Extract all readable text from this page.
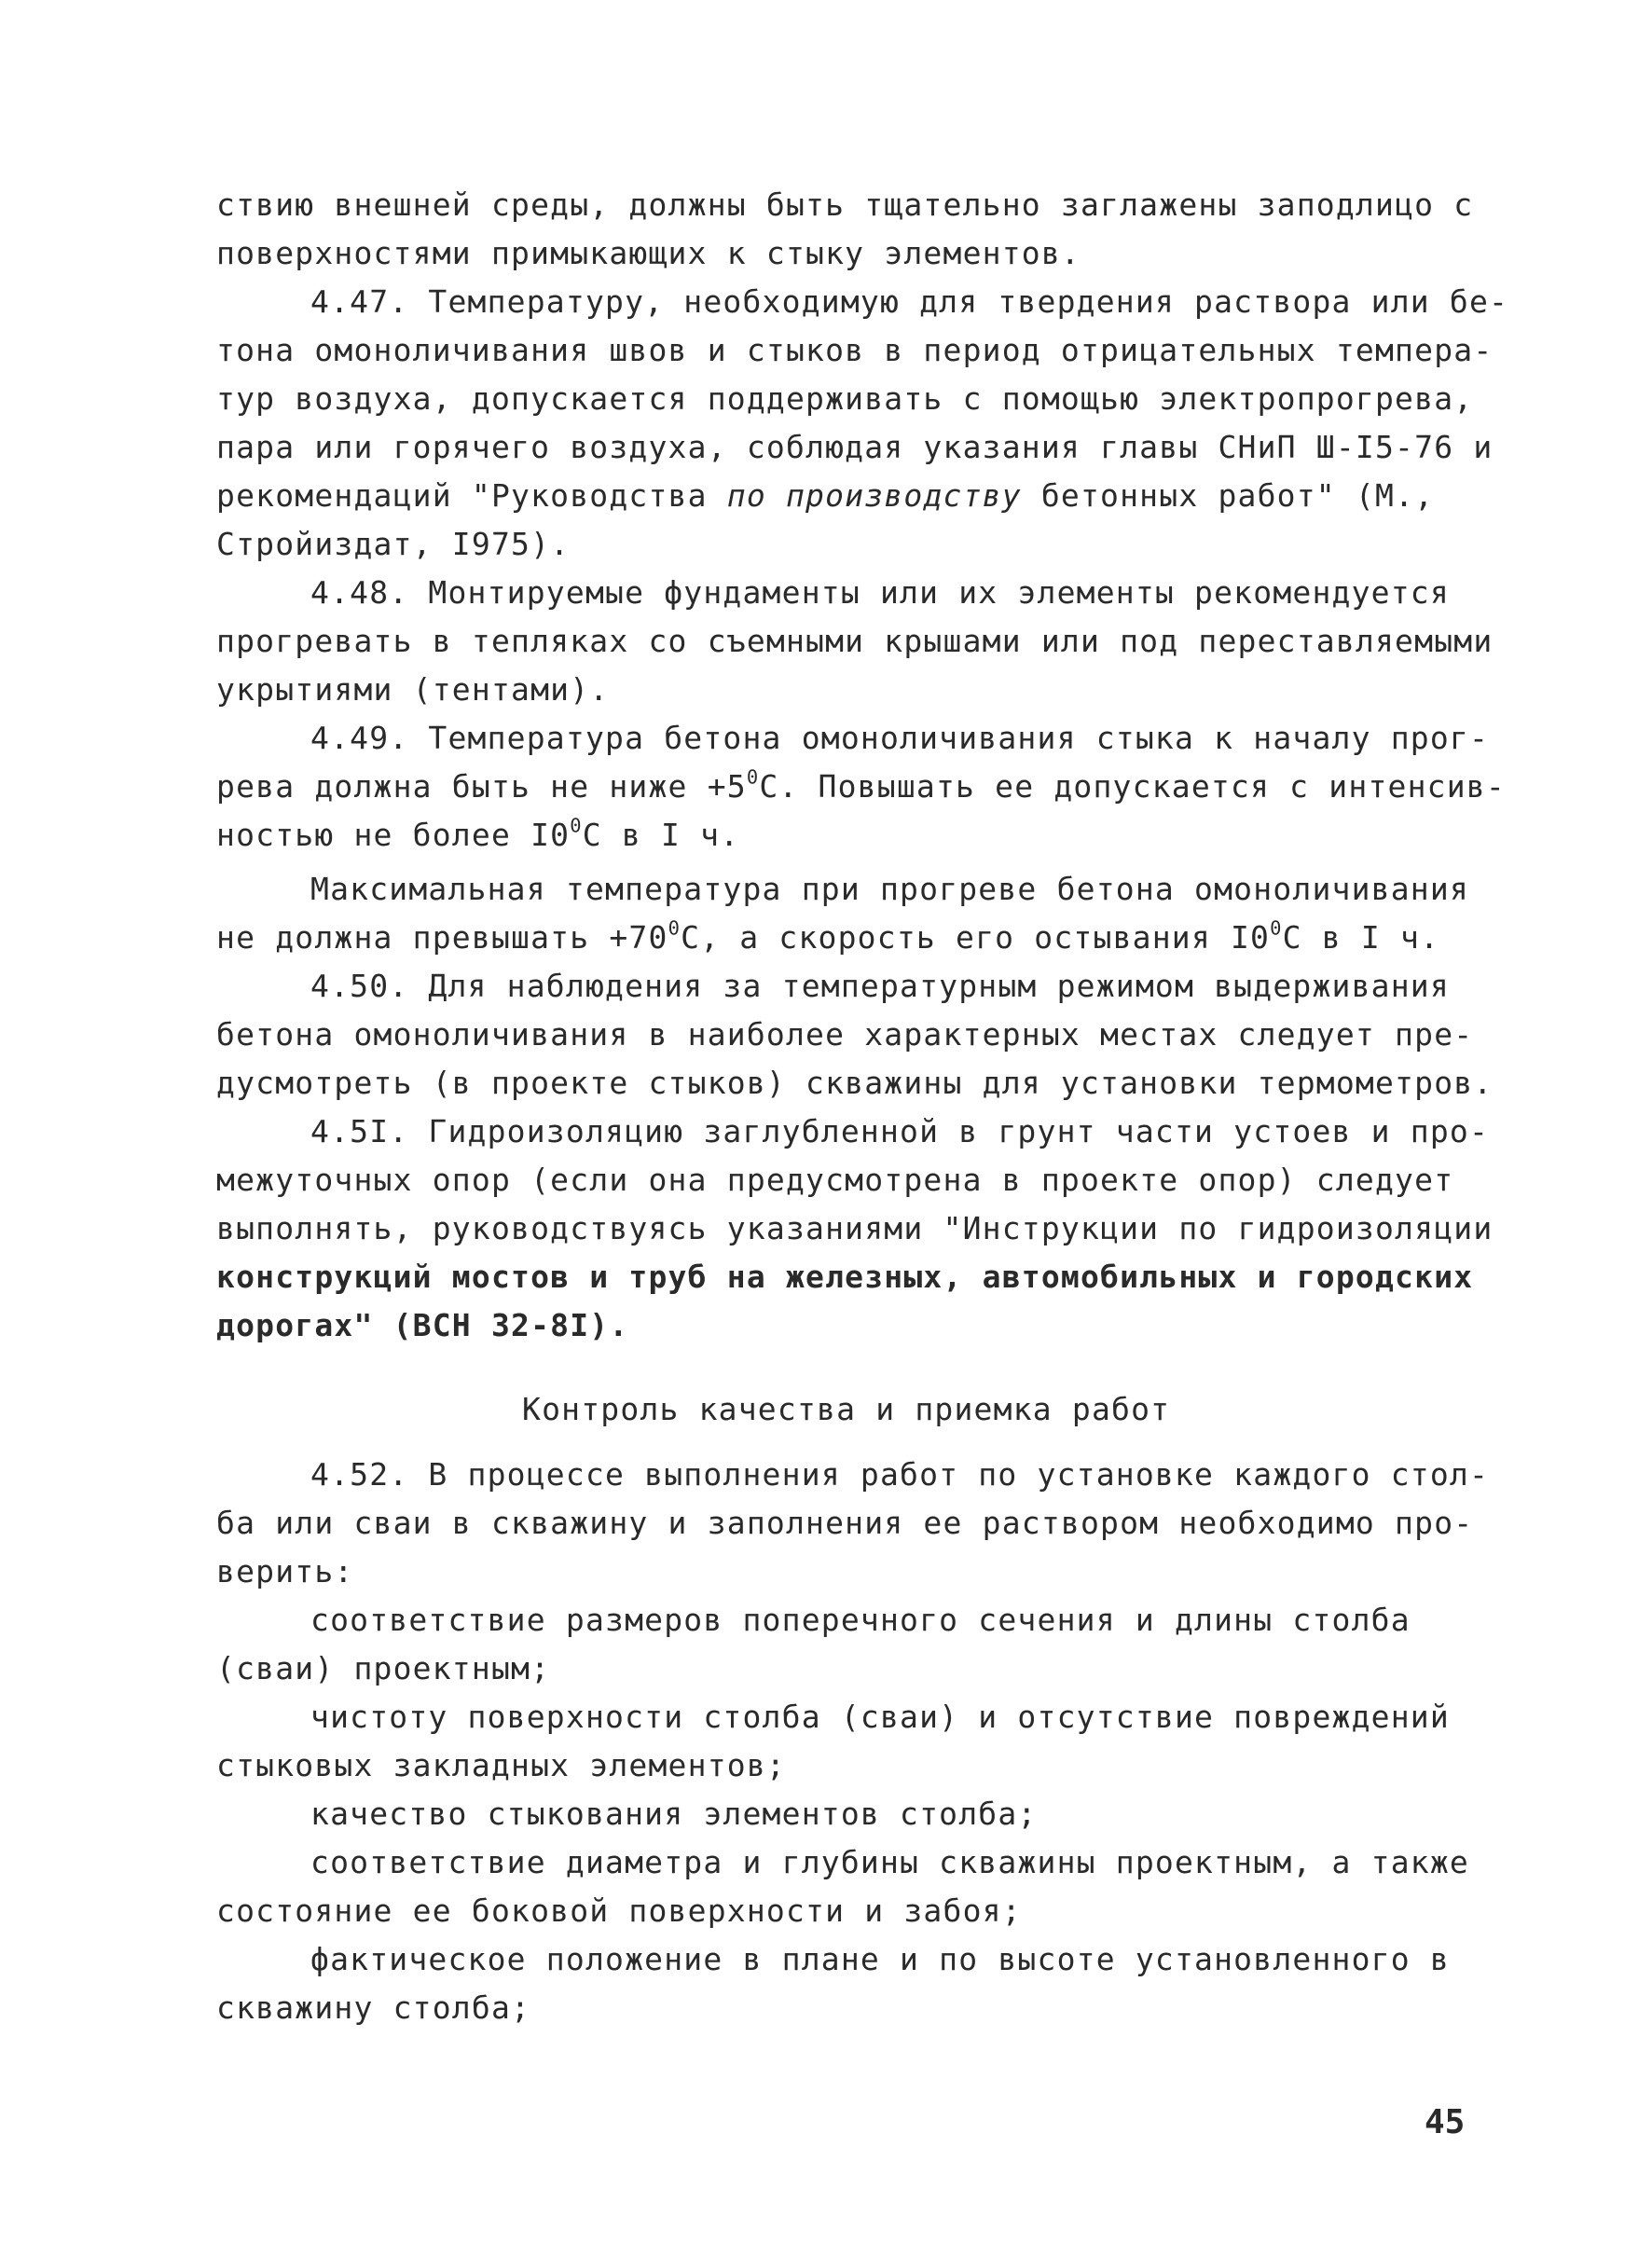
ствию внешней среды, должны быть тщательно заглажены заподлицо с
поверхностями примыкающих к стыку элементов.
4.47. Температуру, необходимую для твердения раствора или бе-
тона омоноличивания швов и стыков в период отрицательных темпера-
тур воздуха, допускается поддерживать с помощью электропрогрева,
пара или горячего воздуха, соблюдая указания главы СНиП Ш-I5-76 и
рекомендаций "Руководства по производству бетонных работ" (М.,
Стройиздат, I975).
4.48. Монтируемые фундаменты или их элементы рекомендуется
прогревать в тепляках со съемными крышами или под переставляемыми
укрытиями (тентами).
4.49. Температура бетона омоноличивания стыка к началу прог-
рева должна быть не ниже $+5^0С$. Повышать ее допускается с интенсив-
ностью не более $I0^0С$ в I ч.
Максимальная температура при прогреве бетона омоноличивания
не должна превышать $+70^0С$, а скорость его остывания $I0^0С$ в I ч.
4.50. Для наблюдения за температурным режимом выдерживания
бетона омоноличивания в наиболее характерных местах следует пре-
дусмотреть (в проекте стыков) скважины для установки термометров.
4.5I. Гидроизоляцию заглубленной в грунт части устоев и про-
межуточных опор (если она предусмотрена в проекте опор) следует
выполнять, руководствуясь указаниями "Инструкции по гидроизоляции
конструкций мостов и труб на железных, автомобильных и городских
дорогах" (ВСН 32-8I).
Контроль качества и приемка работ
4.52. В процессе выполнения работ по установке каждого стол-
ба или сваи в скважину и заполнения ее раствором необходимо про-
верить:
соответствие размеров поперечного сечения и длины столба
(сваи) проектным;
чистоту поверхности столба (сваи) и отсутствие повреждений
стыковых закладных элементов;
качество стыкования элементов столба;
соответствие диаметра и глубины скважины проектным, а также
состояние ее боковой поверхности и забоя;
фактическое положение в плане и по высоте установленного в
скважину столба;
45
